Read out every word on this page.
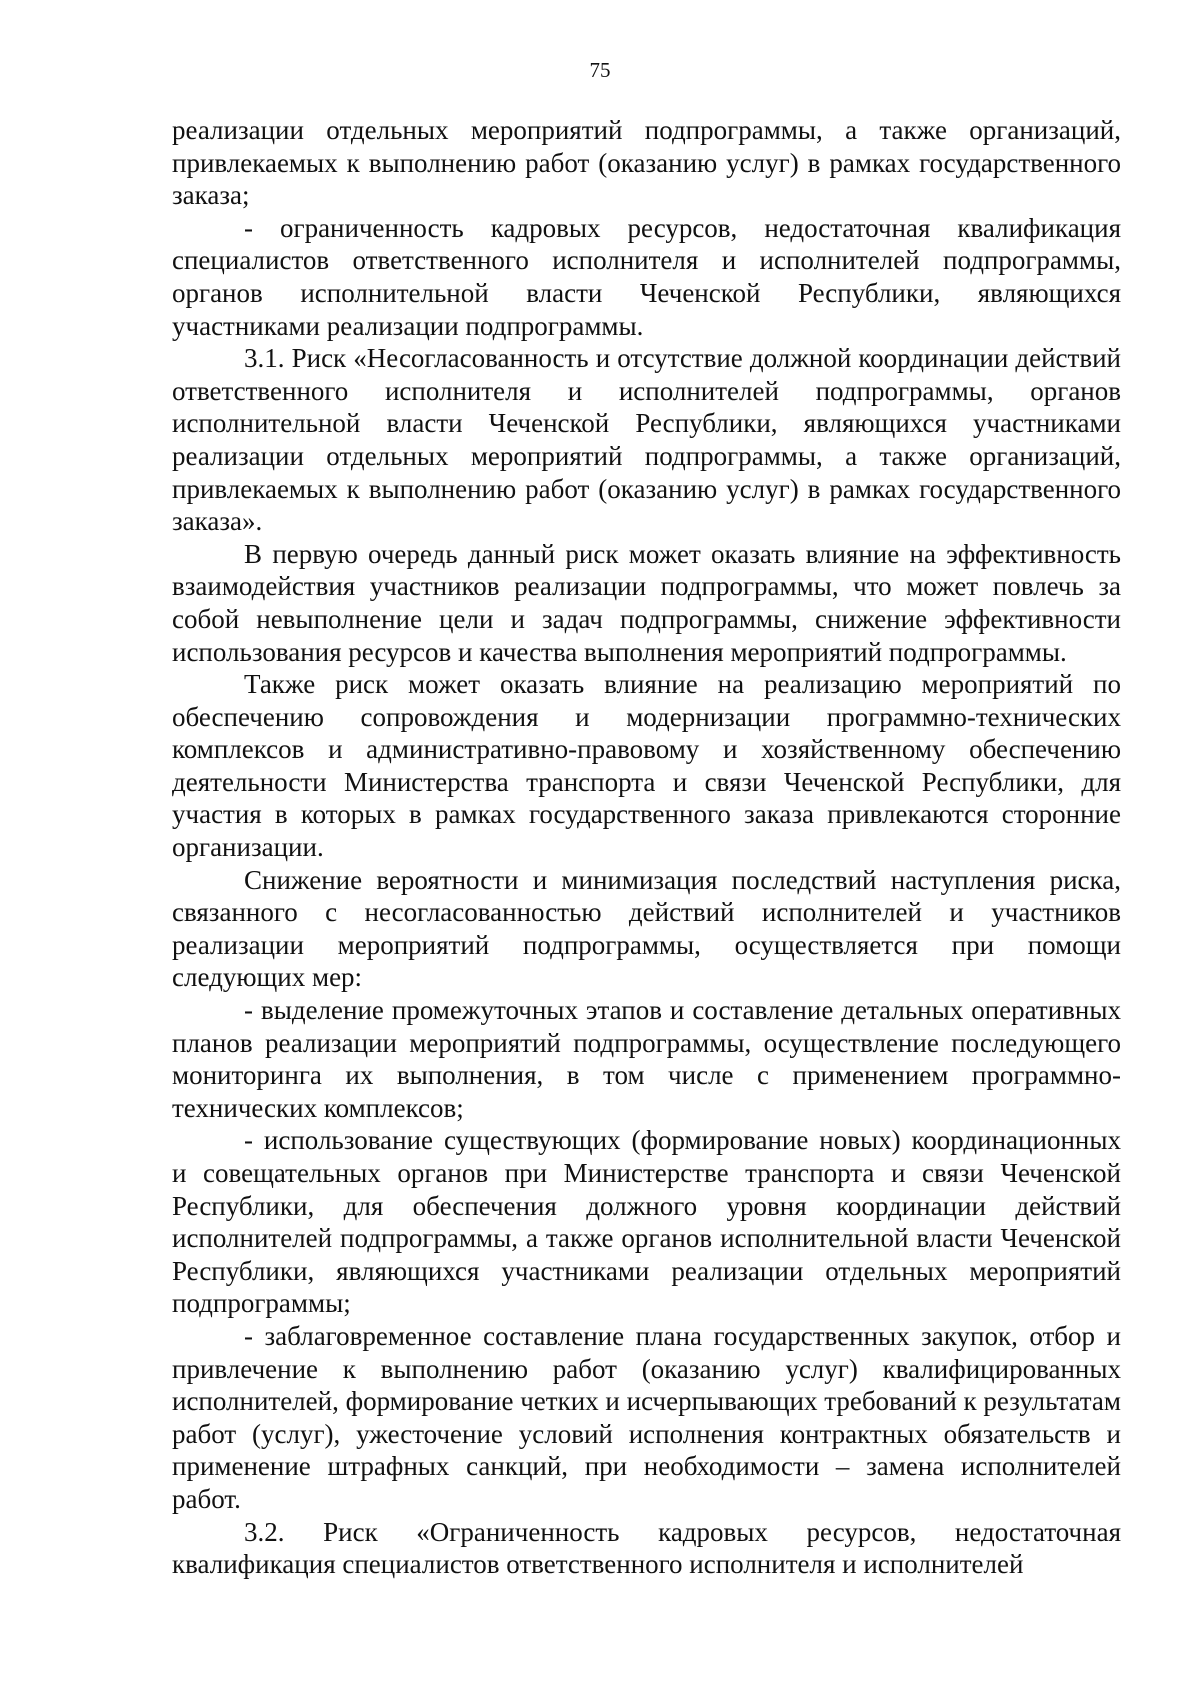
75

реализации отдельных мероприятий подпрограммы, а также организаций, привлекаемых к выполнению работ (оказанию услуг) в рамках государственного заказа;

- ограниченность кадровых ресурсов, недостаточная квалификация специалистов ответственного исполнителя и исполнителей подпрограммы, органов исполнительной власти Чеченской Республики, являющихся участниками реализации подпрограммы.

3.1. Риск «Несогласованность и отсутствие должной координации действий ответственного исполнителя и исполнителей подпрограммы, органов исполнительной власти Чеченской Республики, являющихся участниками реализации отдельных мероприятий подпрограммы, а также организаций, привлекаемых к выполнению работ (оказанию услуг) в рамках государственного заказа».

В первую очередь данный риск может оказать влияние на эффективность взаимодействия участников реализации подпрограммы, что может повлечь за собой невыполнение цели и задач подпрограммы, снижение эффективности использования ресурсов и качества выполнения мероприятий подпрограммы.

Также риск может оказать влияние на реализацию мероприятий по обеспечению сопровождения и модернизации программно-технических комплексов и административно-правовому и хозяйственному обеспечению деятельности Министерства транспорта и связи Чеченской Республики, для участия в которых в рамках государственного заказа привлекаются сторонние организации.

Снижение вероятности и минимизация последствий наступления риска, связанного с несогласованностью действий исполнителей и участников реализации мероприятий подпрограммы, осуществляется при помощи следующих мер:

- выделение промежуточных этапов и составление детальных оперативных планов реализации мероприятий подпрограммы, осуществление последующего мониторинга их выполнения, в том числе с применением программно-технических комплексов;

- использование существующих (формирование новых) координационных и совещательных органов при Министерстве транспорта и связи Чеченской Республики, для обеспечения должного уровня координации действий исполнителей подпрограммы, а также органов исполнительной власти Чеченской Республики, являющихся участниками реализации отдельных мероприятий подпрограммы;

- заблаговременное составление плана государственных закупок, отбор и привлечение к выполнению работ (оказанию услуг) квалифицированных исполнителей, формирование четких и исчерпывающих требований к результатам работ (услуг), ужесточение условий исполнения контрактных обязательств и применение штрафных санкций, при необходимости – замена исполнителей работ.

3.2. Риск «Ограниченность кадровых ресурсов, недостаточная квалификация специалистов ответственного исполнителя и исполнителей
